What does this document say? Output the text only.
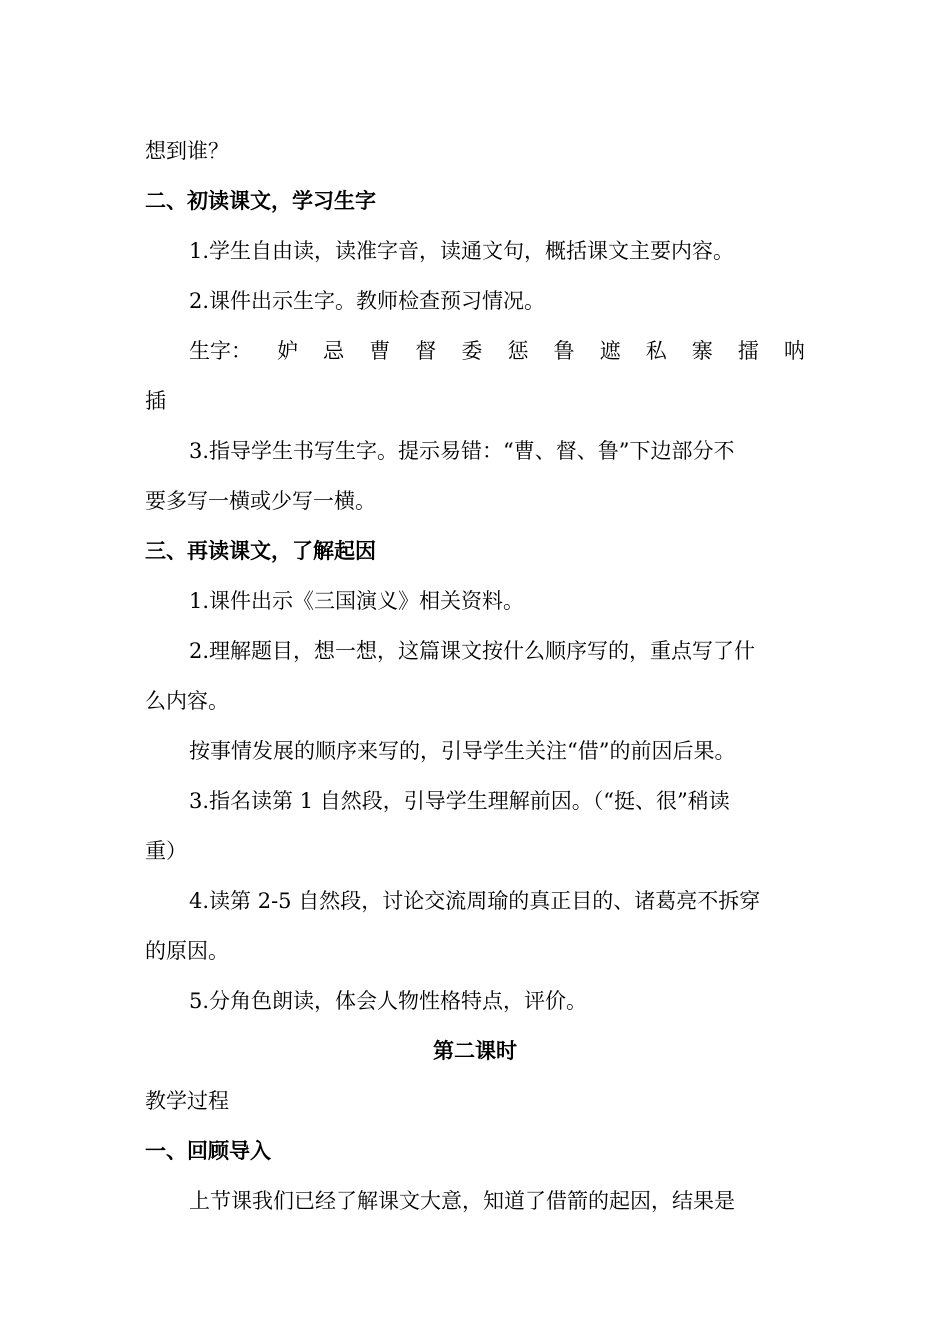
想到谁？
二、初读课文，学习生字
1.学生自由读，读准字音，读通文句，概括课文主要内容。
2.课件出示生字。教师检查预习情况。
生字： 妒 忌 曹 督 委 惩 鲁 遮 私 寨 擂 呐
插
3.指导学生书写生字。提示易错：“曹、督、鲁”下边部分不
要多写一横或少写一横。
三、再读课文，了解起因
1.课件出示《三国演义》相关资料。
2.理解题目，想一想，这篇课文按什么顺序写的，重点写了什
么内容。
按事情发展的顺序来写的，引导学生关注“借”的前因后果。
3.指名读第 1 自然段，引导学生理解前因。（“挺、很”稍读
重）
4.读第 2-5 自然段，讨论交流周瑜的真正目的、诸葛亮不拆穿
的原因。
5.分角色朗读，体会人物性格特点，评价。
第二课时
教学过程
一、回顾导入
上节课我们已经了解课文大意，知道了借箭的起因，结果是
